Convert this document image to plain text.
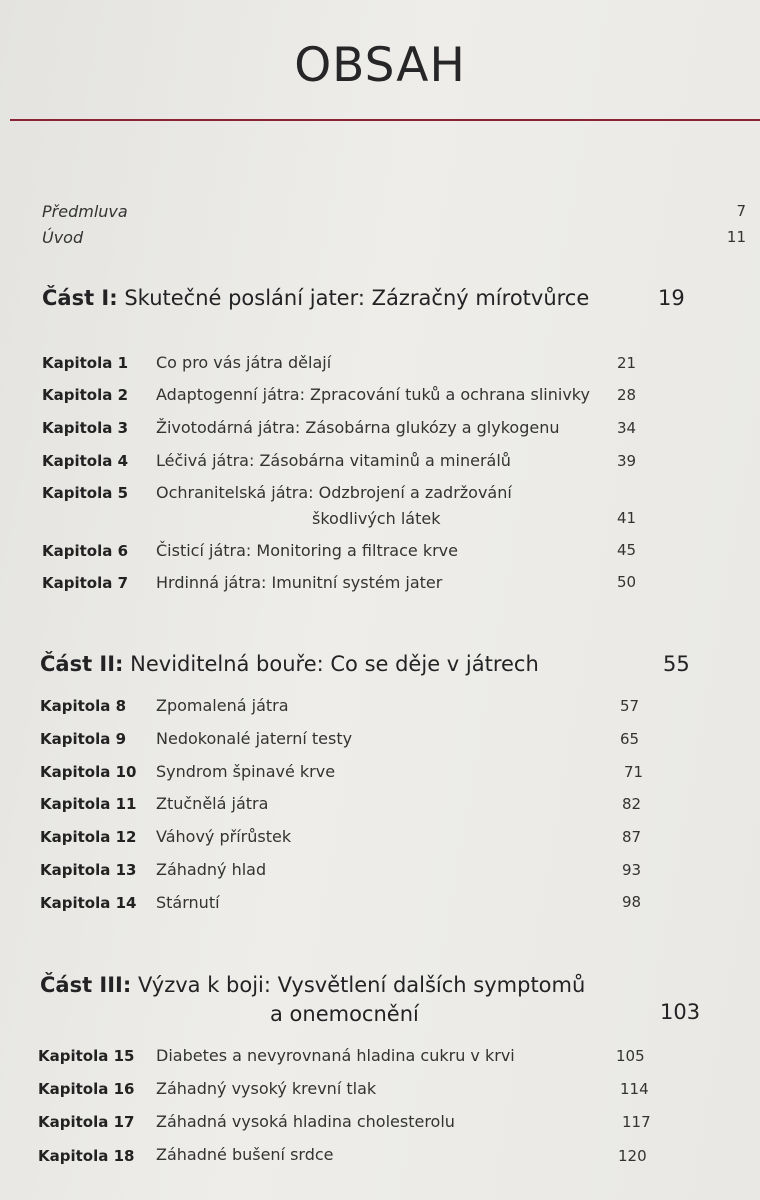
OBSAH
Předmluva	7
Úvod	11
Část I: Skutečné poslání jater: Zázračný mírotvůrce	19
Kapitola 1 Co pro vás játra dělají	21
Kapitola 2 Adaptogenní játra: Zpracování tuků a ochrana slinivky 28
Kapitola 3 Životodárná játra: Zásobárna glukózy a glykogenu	34
Kapitola 4 Léčivá játra: Zásobárna vitaminů a minerálů	39
Kapitola 5 Ochranitelská játra: Odzbrojení a zadržování
škodlivých látek	41
Kapitola 6 Čisticí játra: Monitoring a filtrace krve	45
Kapitola 7 Hrdinná játra: Imunitní systém jater	50
Část II: Neviditelná bouře: Co se děje v játrech	55
Kapitola 8 Zpomalená játra	57
Kapitola 9 Nedokonalé jaterní testy	65
Kapitola 10 Syndrom špinavé krve	71
Kapitola 11 Ztučnělá játra	82
Kapitola 12 Váhový přírůstek	87
Kapitola 13 Záhadný hlad	93
Kapitola 14 Stárnutí	98
Část III: Výzva k boji: Vysvětlení dalších symptomů
a onemocnění	103
Kapitola 15 Diabetes a nevyrovnaná hladina cukru v krvi	105
Kapitola 16 Záhadný vysoký krevní tlak	114
Kapitola 17 Záhadná vysoká hladina cholesterolu	117
Kapitola 18 Záhadné bušení srdce	120
